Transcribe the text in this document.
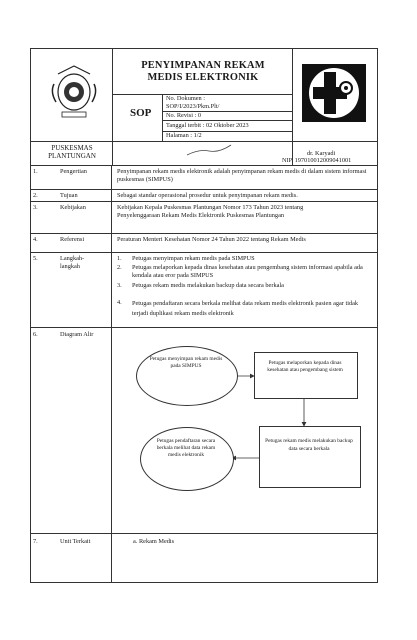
PENYIMPANAN REKAM
MEDIS ELEKTRONIK
SOP
No. Dokumen :
SOP/I/2023/Pkm.Plt/
No. Revisi : 0
Tanggal terbit : 02 Oktober 2023
Halaman : 1/2
PUSKESMAS
PLANTUNGAN	dr. Karyadi
NIP. 197010012009041001
1.	Pengertian	Penyimpanan rekam medis elektronik adalah penyimpanan rekam medis di dalam sistem informasi puskesmas (SIMPUS)
2.	Tujuan	Sebagai standar operasional prosedur untuk penyimpanan rekam medis.
3.	Kebijakan	Kebijakan Kepala Puskesmas Plantungan Nomor 173 Tahun 2023 tentang Penyelenggaraan Rekam Medis Elektronik Puskesmas Plantungan
4.	Referensi	Peraturan Menteri Kesehatan Nomor 24 Tahun 2022 tentang Rekam Medis
5.	Langkah-langkah
1. Petugas menyimpan rekam medis pada SIMPUS
2. Petugas melaporkan kepada dinas kesehatan atau pengembang sistem informasi apabila ada kendala atau eror pada SIMPUS
3. Petugas rekam medis melakukan backup data secara berkala
4. Petugas pendaftaran secara berkala melihat data rekam medis elektronik pasien agar tidak terjadi duplikasi rekam medis elektronik
6.	Diagram Alir
7.	Unit Terkait	a. Rekam Medis
Petugas menyimpan rekam medis pada SIMPUS	Petugas melaporkan kepada dinas kesehatan atau pengembang sistem
Petugas rekam medis melakukan backup data secara berkala
Petugas pendaftaran secara berkala melihat data rekam medis elektronik
